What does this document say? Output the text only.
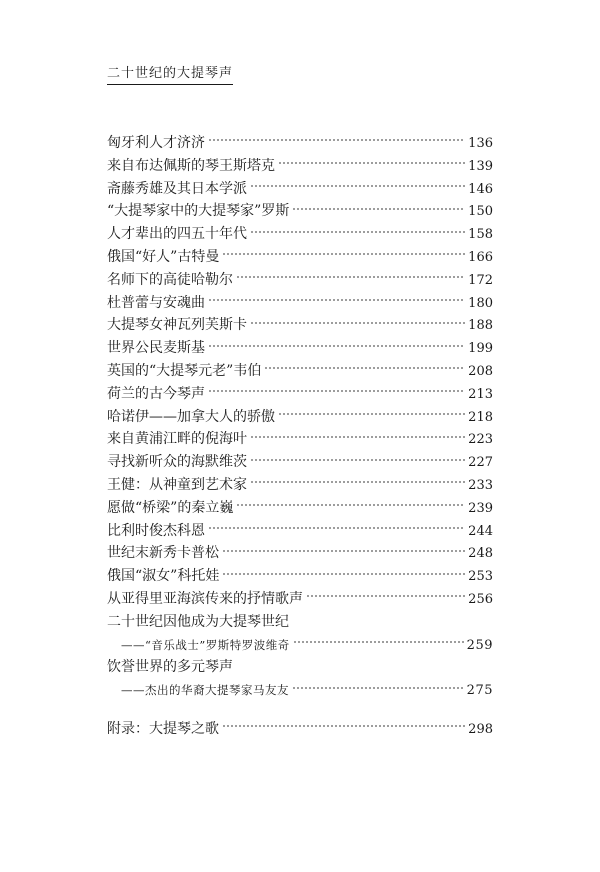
二十世纪的大提琴声
匈牙利人才济济	136
来自布达佩斯的琴王斯塔克	139
斋藤秀雄及其日本学派	146
“大提琴家中的大提琴家”罗斯	150
人才辈出的四五十年代	158
俄国“好人”古特曼	166
名师下的高徒哈勒尔	172
杜普蕾与安魂曲	180
大提琴女神瓦列芙斯卡	188
世界公民麦斯基	199
英国的“大提琴元老”韦伯	208
荷兰的古今琴声	213
哈诺伊——加拿大人的骄傲	218
来自黄浦江畔的倪海叶	223
寻找新听众的海默维茨	227
王健：从神童到艺术家	233
愿做“桥梁”的秦立巍	239
比利时俊杰科恩	244
世纪末新秀卡普松	248
俄国“淑女”科托娃	253
从亚得里亚海滨传来的抒情歌声	256
二十世纪因他成为大提琴世纪
——“音乐战士”罗斯特罗波维奇	259
饮誉世界的多元琴声
——杰出的华裔大提琴家马友友	275
附录：大提琴之歌	298
